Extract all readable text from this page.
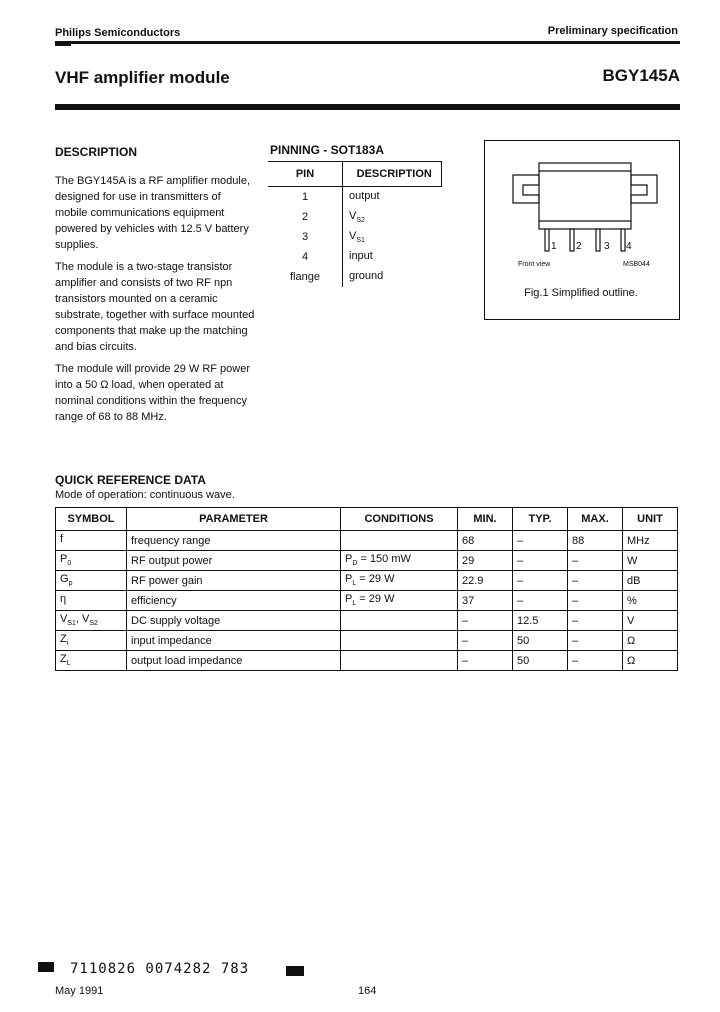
Philips Semiconductors	Preliminary specification
VHF amplifier module	BGY145A
DESCRIPTION

The BGY145A is a RF amplifier module, designed for use in transmitters of mobile communications equipment powered by vehicles with 12.5 V battery supplies.

The module is a two-stage transistor amplifier and consists of two RF npn transistors mounted on a ceramic substrate, together with surface mounted components that make up the matching and bias circuits.

The module will provide 29 W RF power into a 50 Ω load, when operated at nominal conditions within the frequency range of 68 to 88 MHz.

PINNING - SOT183A
PIN	DESCRIPTION
1	output
2	$V_{S2}$
3	$V_{S1}$
4	input
flange	ground
1 2 3 4
Front view	MSB044
Fig.1 Simplified outline.
QUICK REFERENCE DATA
Mode of operation: continuous wave.
SYMBOL	PARAMETER	CONDITIONS	MIN.	TYP.	MAX.	UNIT
f	frequency range		68	–	88	MHz
$P_0$	RF output power	$P_D = 150$ mW	29	–	–	W
$G_p$	RF power gain	$P_L = 29$ W	22.9	–	–	dB
η	efficiency	$P_L = 29$ W	37	–	–	%
$V_{S1}$, $V_{S2}$	DC supply voltage		–	12.5	–	V
$Z_i$	input impedance		–	50	–	Ω
$Z_L$	output load impedance		–	50	–	Ω
7110826 0074282 783
May 1991	164
